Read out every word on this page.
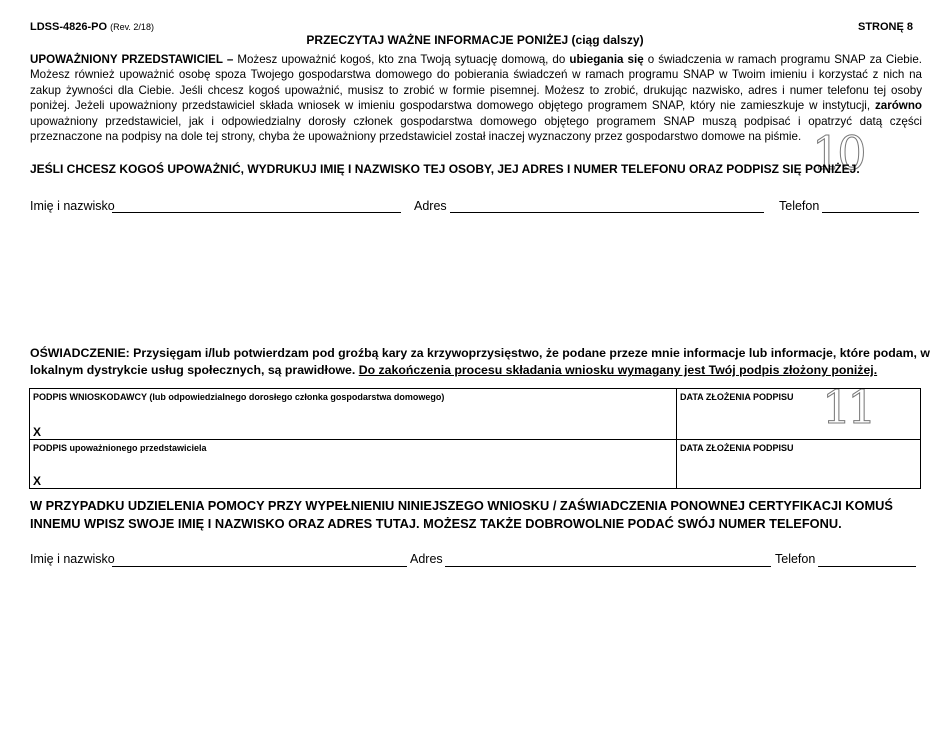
LDSS-4826-PO (Rev. 2/18)	STRONĘ 8
PRZECZYTAJ WAŻNE INFORMACJE PONIŻEJ (ciąg dalszy)
UPOWAŻNIONY PRZEDSTAWICIEL – Możesz upoważnić kogoś, kto zna Twoją sytuację domową, do ubiegania się o świadczenia w ramach programu SNAP za Ciebie. Możesz również upoważnić osobę spoza Twojego gospodarstwa domowego do pobierania świadczeń w ramach programu SNAP w Twoim imieniu i korzystać z nich na zakup żywności dla Ciebie. Jeśli chcesz kogoś upoważnić, musisz to zrobić w formie pisemnej. Możesz to zrobić, drukując nazwisko, adres i numer telefonu tej osoby poniżej. Jeżeli upoważniony przedstawiciel składa wniosek w imieniu gospodarstwa domowego objętego programem SNAP, który nie zamieszkuje w instytucji, zarówno upoważniony przedstawiciel, jak i odpowiedzialny dorosły członek gospodarstwa domowego objętego programem SNAP muszą podpisać i opatrzyć datą części przeznaczone na podpisy na dole tej strony, chyba że upoważniony przedstawiciel został inaczej wyznaczony przez gospodarstwo domowe na piśmie. 10
JEŚLI CHCESZ KOGOŚ UPOWAŻNIĆ, WYDRUKUJ IMIĘ I NAZWISKO TEJ OSOBY, JEJ ADRES I NUMER TELEFONU ORAZ PODPISZ SIĘ PONIŻEJ.
Imię i nazwisko	Adres	Telefon
OŚWIADCZENIE: Przysięgam i/lub potwierdzam pod groźbą kary za krzywoprzysięstwo, że podane przeze mnie informacje lub informacje, które podam, w lokalnym dystrykcie usług społecznych, są prawidłowe. Do zakończenia procesu składania wniosku wymagany jest Twój podpis złożony poniżej.
11
PODPIS WNIOSKODAWCY (lub odpowiedzialnego dorosłego członka gospodarstwa domowego)
X
DATA ZŁOŻENIA PODPISU
PODPIS upoważnionego przedstawiciela
X
DATA ZŁOŻENIA PODPISU
W PRZYPADKU UDZIELENIA POMOCY PRZY WYPEŁNIENIU NINIEJSZEGO WNIOSKU / ZAŚWIADCZENIA PONOWNEJ CERTYFIKACJI KOMUŚ INNEMU WPISZ SWOJE IMIĘ I NAZWISKO ORAZ ADRES TUTAJ. MOŻESZ TAKŻE DOBROWOLNIE PODAĆ SWÓJ NUMER TELEFONU.
Imię i nazwisko	Adres	Telefon
